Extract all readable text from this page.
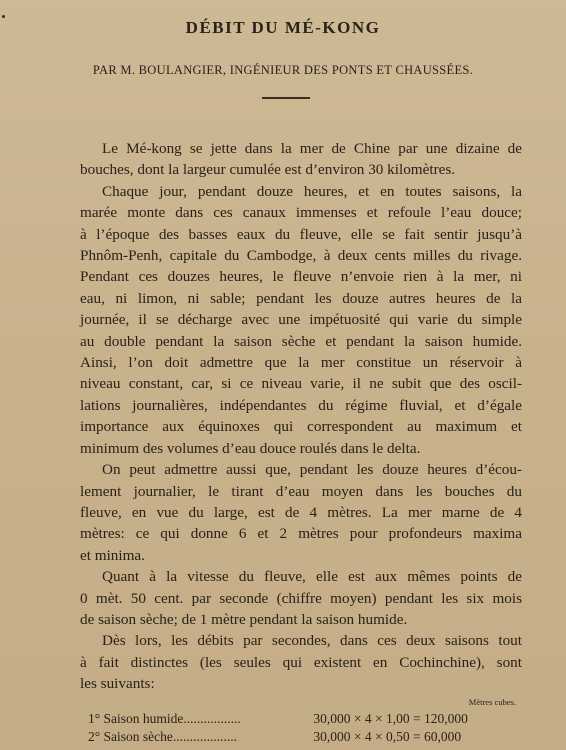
DÉBIT DU MÉ-KONG
PAR M. BOULANGIER, INGÉNIEUR DES PONTS ET CHAUSSÉES.
Le Mé-kong se jette dans la mer de Chine par une dizaine de
bouches, dont la largeur cumulée est d’environ 30 kilomètres.
Chaque jour, pendant douze heures, et en toutes saisons, la
marée monte dans ces canaux immenses et refoule l’eau douce;
à l’époque des basses eaux du fleuve, elle se fait sentir jusqu’à
Phnôm-Penh, capitale du Cambodge, à deux cents milles du rivage.
Pendant ces douzes heures, le fleuve n’envoie rien à la mer, ni
eau, ni limon, ni sable; pendant les douze autres heures de la
journée, il se décharge avec une impétuosité qui varie du simple
au double pendant la saison sèche et pendant la saison humide.
Ainsi, l’on doit admettre que la mer constitue un réservoir à
niveau constant, car, si ce niveau varie, il ne subit que des oscil-
lations journalières, indépendantes du régime fluvial, et d’égale
importance aux équinoxes qui correspondent au maximum et
minimum des volumes d’eau douce roulés dans le delta.
On peut admettre aussi que, pendant les douze heures d’écou-
lement journalier, le tirant d’eau moyen dans les bouches du
fleuve, en vue du large, est de 4 mètres. La mer marne de 4
mètres: ce qui donne 6 et 2 mètres pour profondeurs maxima
et minima.
Quant à la vitesse du fleuve, elle est aux mêmes points de
0 mèt. 50 cent. par seconde (chiffre moyen) pendant les six mois
de saison sèche; de 1 mètre pendant la saison humide.
Dès lors, les débits par secondes, dans ces deux saisons tout
à fait distinctes (les seules qui existent en Cochinchine), sont
les suivants:
Mètres cubes.
1° Saison humide.................	30,000 × 4 × 1,00 = 120,000
2° Saison sèche...................	30,000 × 4 × 0,50 = 60,000
